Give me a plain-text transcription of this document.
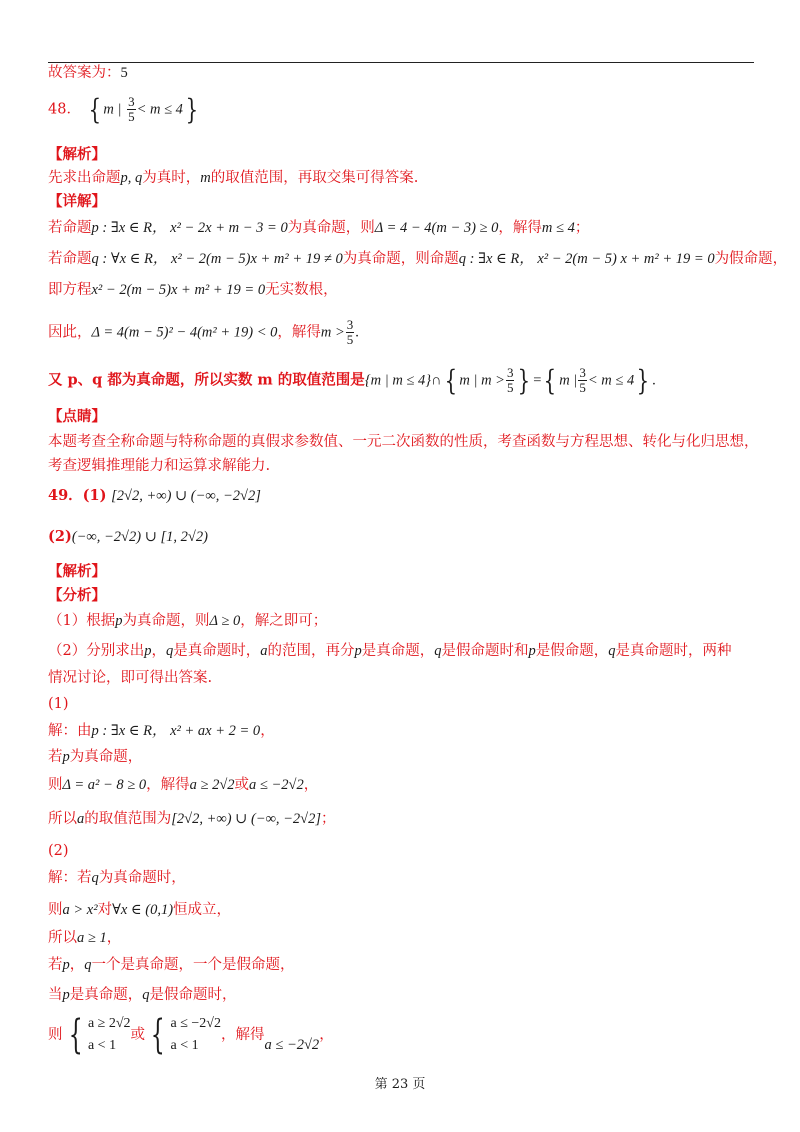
故答案为：5
48． { m | $\frac{3}{5} < m \le 4$}
【解析】
先求出命题p, q为真时，m的取值范围，再取交集可得答案.
【详解】
若命题p : ∃x ∈ R， x² − 2x + m − 3 = 0为真命题，则Δ = 4 − 4(m − 3) ≥ 0，解得m ≤ 4；
若命题q : ∀x ∈ R， x² − 2(m − 5)x + m² + 19 ≠ 0为真命题，则命题q : ∃x ∈ R， x² − 2(m − 5) x + m² + 19 = 0为假命题，
即方程x² − 2(m − 5)x + m² + 19 = 0无实数根，
因此，Δ = 4(m − 5)² − 4(m² + 19) < 0，解得$m > \frac{3}{5}$ .
又 p、q 都为真命题，所以实数 m 的取值范围是{m | m ≤ 4}∩{ m | $m > \frac{3}{5}$ } ={ m | $\frac{3}{5} < m \le 4$} .
【点睛】
本题考查全称命题与特称命题的真假求参数值、一元二次函数的性质，考查函数与方程思想、转化与化归思想，
考查逻辑推理能力和运算求解能力.
49．(1) [2√2, +∞) ∪ (−∞, −2√2]
(2)(−∞, −2√2) ∪ [1, 2√2)
【解析】
【分析】
（1）根据p为真命题，则Δ ≥ 0，解之即可；
（2）分别求出p，q是真命题时，a的范围，再分p是真命题，q是假命题时和p是假命题，q是真命题时，两种
情况讨论，即可得出答案.
(1)
解：由p : ∃x ∈ R， x² + ax + 2 = 0，
若p为真命题，
则Δ = a² − 8 ≥ 0，解得a ≥ 2√2或a ≤ −2√2，
所以a的取值范围为[2√2, +∞) ∪ (−∞, −2√2]；
(2)
解：若q为真命题时，
则a > x²对∀x ∈ (0,1)恒成立，
所以a ≥ 1，
若p，q一个是真命题，一个是假命题，
当p是真命题，q是假命题时，
则 { a ≥ 2√2
a < 1
或 { a ≤ −2√2
a < 1
，解得a ≤ −2√2，
第 23 页
